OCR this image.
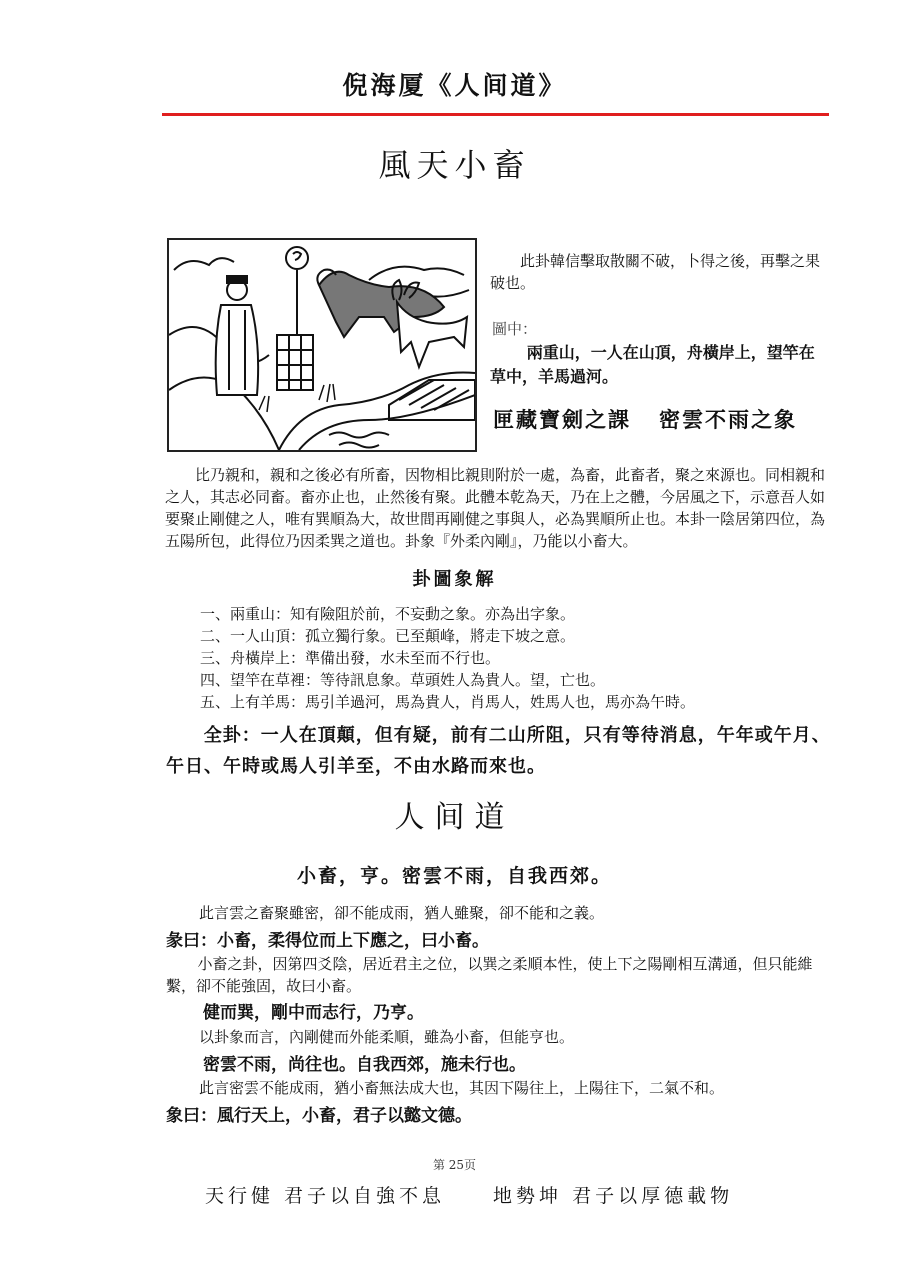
倪海厦《人间道》
風天小畜
此卦韓信擊取散關不破，卜得之後，再擊之果破也。
圖中：
兩重山，一人在山頂，舟橫岸上，望竿在草中，羊馬過河。
匣藏寶劍之課 密雲不雨之象
比乃親和，親和之後必有所畜，因物相比親則附於一處，為畜，此畜者，聚之來源也。同相親和之人，其志必同畜。畜亦止也，止然後有聚。此體本乾為天，乃在上之體，今居風之下，示意吾人如要聚止剛健之人，唯有巽順為大，故世間再剛健之事與人，必為巽順所止也。本卦一陰居第四位，為五陽所包，此得位乃因柔巽之道也。卦象『外柔內剛』，乃能以小畜大。
卦圖象解
一、兩重山：知有險阻於前，不妄動之象。亦為出字象。
二、一人山頂：孤立獨行象。已至顛峰，將走下坡之意。
三、舟橫岸上：準備出發，水未至而不行也。
四、望竿在草裡：等待訊息象。草頭姓人為貴人。望，亡也。
五、上有羊馬：馬引羊過河，馬為貴人，肖馬人，姓馬人也，馬亦為午時。
全卦：一人在頂顛，但有疑，前有二山所阻，只有等待消息，午年或午月、午日、午時或馬人引羊至，不由水路而來也。
人间道
小畜，亨。密雲不雨，自我西郊。
此言雲之畜聚雖密，卻不能成雨，猶人雖聚，卻不能和之義。
彖曰：小畜，柔得位而上下應之，曰小畜。
小畜之卦，因第四爻陰，居近君主之位，以巽之柔順本性，使上下之陽剛相互溝通，但只能維繫，卻不能強固，故曰小畜。
健而巽，剛中而志行，乃亨。
以卦象而言，內剛健而外能柔順，雖為小畜，但能亨也。
密雲不雨，尚往也。自我西郊，施未行也。
此言密雲不能成雨，猶小畜無法成大也，其因下陽往上，上陽往下，二氣不和。
象曰：風行天上，小畜，君子以懿文德。
第 25页
天行健 君子以自強不息	地勢坤 君子以厚德載物
